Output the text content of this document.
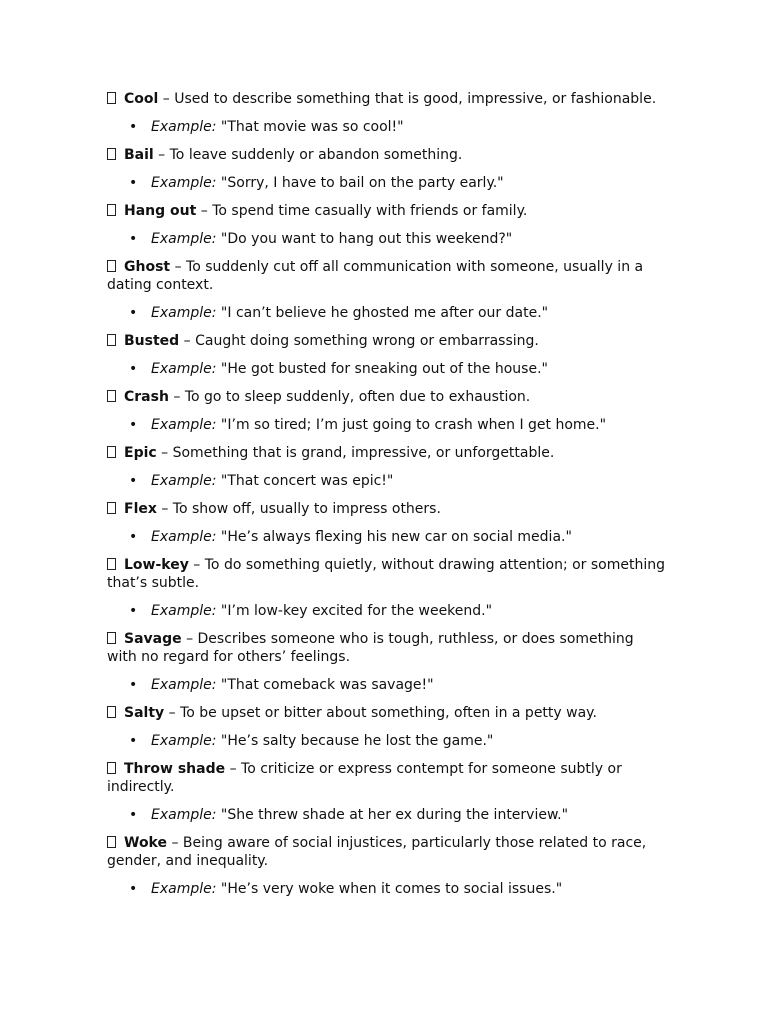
Cool – Used to describe something that is good, impressive, or fashionable.
• Example: "That movie was so cool!"
Bail – To leave suddenly or abandon something.
• Example: "Sorry, I have to bail on the party early."
Hang out – To spend time casually with friends or family.
• Example: "Do you want to hang out this weekend?"
Ghost – To suddenly cut off all communication with someone, usually in a dating context.
• Example: "I can’t believe he ghosted me after our date."
Busted – Caught doing something wrong or embarrassing.
• Example: "He got busted for sneaking out of the house."
Crash – To go to sleep suddenly, often due to exhaustion.
• Example: "I’m so tired; I’m just going to crash when I get home."
Epic – Something that is grand, impressive, or unforgettable.
• Example: "That concert was epic!"
Flex – To show off, usually to impress others.
• Example: "He’s always flexing his new car on social media."
Low-key – To do something quietly, without drawing attention; or something that’s subtle.
• Example: "I’m low-key excited for the weekend."
Savage – Describes someone who is tough, ruthless, or does something with no regard for others’ feelings.
• Example: "That comeback was savage!"
Salty – To be upset or bitter about something, often in a petty way.
• Example: "He’s salty because he lost the game."
Throw shade – To criticize or express contempt for someone subtly or indirectly.
• Example: "She threw shade at her ex during the interview."
Woke – Being aware of social injustices, particularly those related to race, gender, and inequality.
• Example: "He’s very woke when it comes to social issues."
